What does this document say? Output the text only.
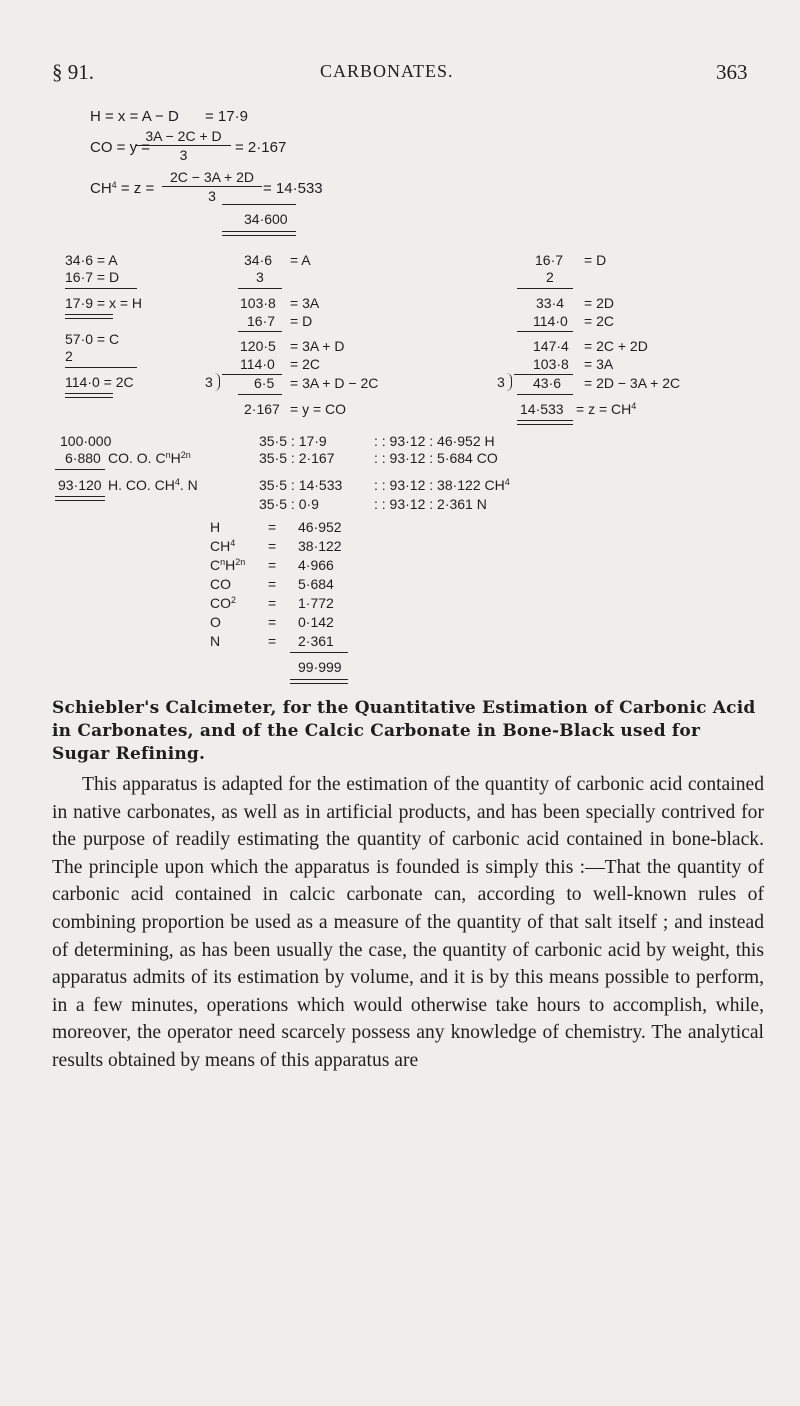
§ 91.	CARBONATES.	363
H = x = A − D = 17·9
CO = y =
3A − 2C + D
3	= 2·167
$CH^4 = z$ =
2C − 3A + 2D
3	= 14·533
34·600
34·6 = A
16·7 = D
17·9 = x = H
57·0 = C
2
114·0 = 2C
34·6 = A
3
103·8 = 3A
16·7 = D
120·5 = 3A + D
114·0 = 2C
3	6·5 = 3A + D − 2C
2·167 = y = CO
16·7 = D
2
33·4 = 2D
114·0 = 2C
147·4 = 2C + 2D
103·8 = 3A
3 43·6 = 2D − 3A + 2C
$14\cdot 533 = z = CH^4$
100·000
6·880 CO. O. $C^nH^{2n}$
93·120 H. CO. $CH^4$. N
35·5 : 17·9	: : 93·12 : 46·952 H
35·5 : 2·167	: : 93·12 : 5·684 CO
35·5 : 14·533 : : 93·12 : 38·122 $CH^4$
35·5 : 0·9	: : 93·12 : 2·361 N
H	= 46·952
$CH^4 = 38\cdot 122$
$C^nH^{2n} = 4\cdot 966$
CO	= 5·684
$CO^2 = 1\cdot 772$
O	= 0·142
N	= 2·361
99·999
Schiebler's Calcimeter, for the Quantitative Estimation of Carbonic Acid in Carbonates, and of the Calcic Carbonate in Bone-Black used for Sugar Refining.
This apparatus is adapted for the estimation of the quantity of carbonic acid contained in native carbonates, as well as in artificial products, and has been specially contrived for the purpose of readily estimating the quantity of carbonic acid contained in bone-black. The principle upon which the apparatus is founded is simply this :—That the quantity of carbonic acid contained in calcic carbonate can, according to well-known rules of combining proportion be used as a measure of the quantity of that salt itself ; and instead of determining, as has been usually the case, the quantity of carbonic acid by weight, this apparatus admits of its estimation by volume, and it is by this means possible to perform, in a few minutes, operations which would otherwise take hours to accomplish, while, moreover, the operator need scarcely possess any knowledge of chemistry. The analytical results obtained by means of this apparatus are
